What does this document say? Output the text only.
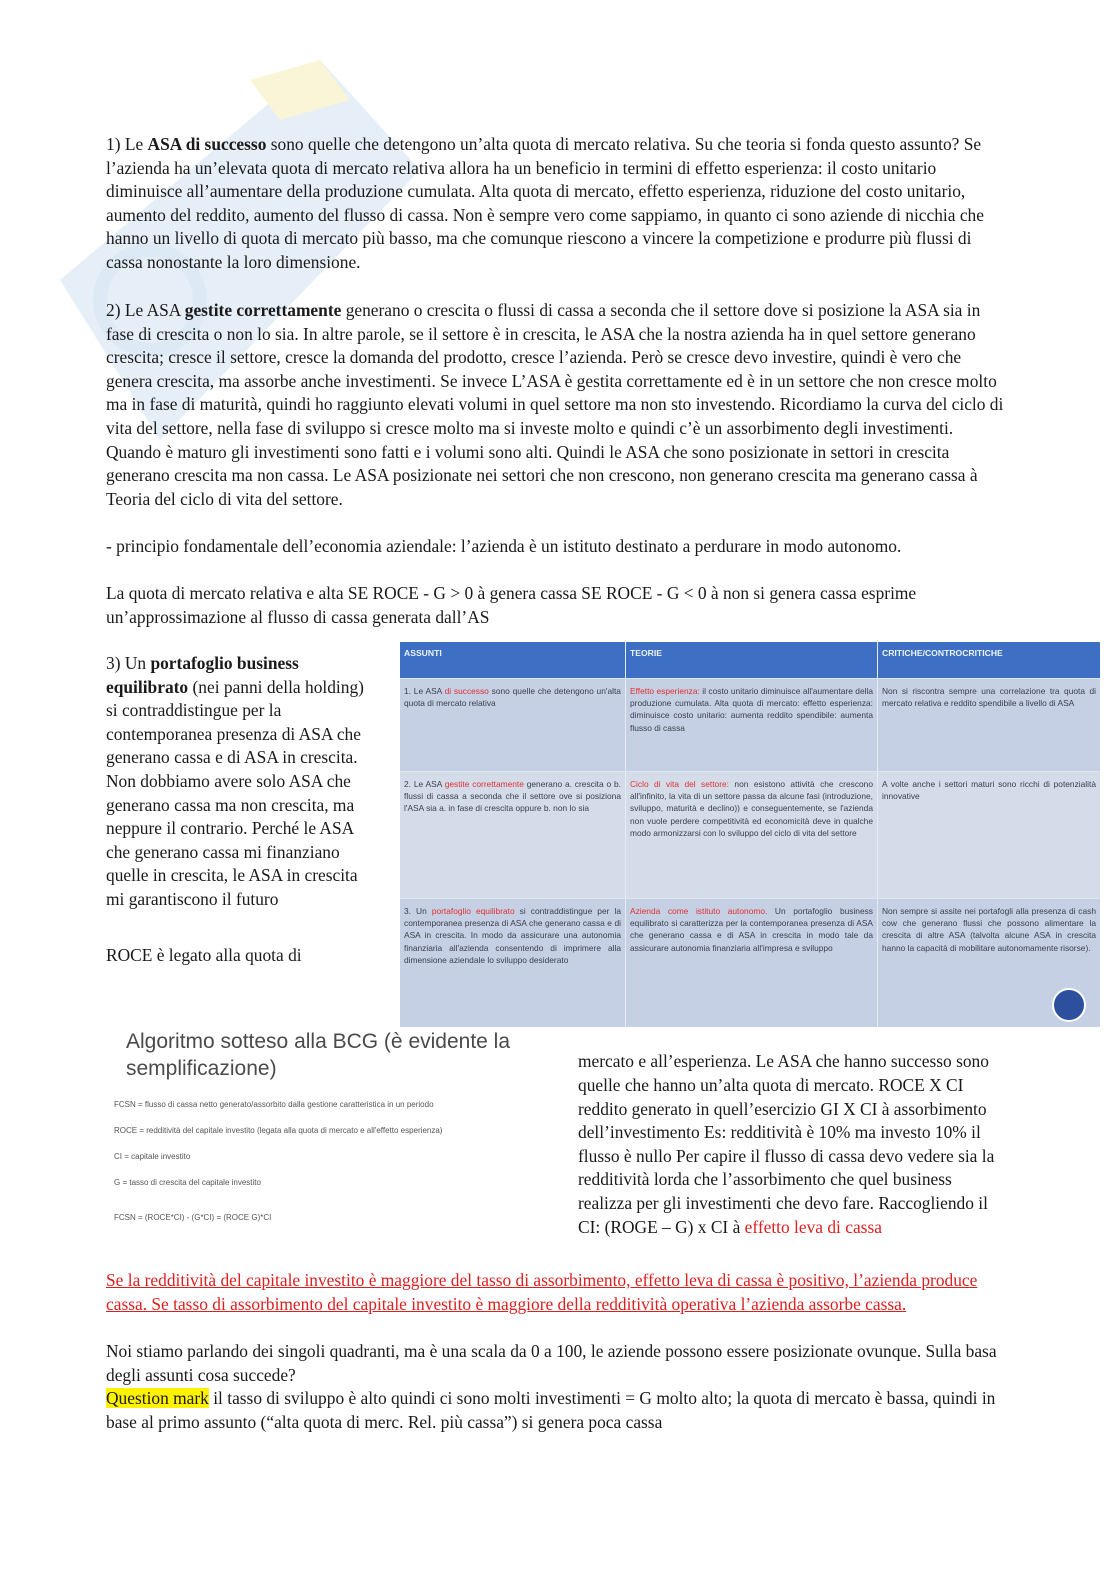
1) Le ASA di successo sono quelle che detengono un’alta quota di mercato relativa. Su che teoria si fonda questo assunto? Se l’azienda ha un’elevata quota di mercato relativa allora ha un beneficio in termini di effetto esperienza: il costo unitario diminuisce all’aumentare della produzione cumulata. Alta quota di mercato, effetto esperienza, riduzione del costo unitario, aumento del reddito, aumento del flusso di cassa. Non è sempre vero come sappiamo, in quanto ci sono aziende di nicchia che hanno un livello di quota di mercato più basso, ma che comunque riescono a vincere la competizione e produrre più flussi di cassa nonostante la loro dimensione.

2) Le ASA gestite correttamente generano o crescita o flussi di cassa a seconda che il settore dove si posizione la ASA sia in fase di crescita o non lo sia. In altre parole, se il settore è in crescita, le ASA che la nostra azienda ha in quel settore generano crescita; cresce il settore, cresce la domanda del prodotto, cresce l’azienda. Però se cresce devo investire, quindi è vero che genera crescita, ma assorbe anche investimenti. Se invece L’ASA è gestita correttamente ed è in un settore che non cresce molto ma in fase di maturità, quindi ho raggiunto elevati volumi in quel settore ma non sto investendo. Ricordiamo la curva del ciclo di vita del settore, nella fase di sviluppo si cresce molto ma si investe molto e quindi c’è un assorbimento degli investimenti. Quando è maturo gli investimenti sono fatti e i volumi sono alti. Quindi le ASA che sono posizionate in settori in crescita generano crescita ma non cassa. Le ASA posizionate nei settori che non crescono, non generano crescita ma generano cassa à Teoria del ciclo di vita del settore.

- principio fondamentale dell’economia aziendale: l’azienda è un istituto destinato a perdurare in modo autonomo.

La quota di mercato relativa e alta SE ROCE - G > 0 à genera cassa SE ROCE - G < 0 à non si genera cassa esprime un’approssimazione al flusso di cassa generata dall’AS

3) Un portafoglio business equilibrato (nei panni della holding) si contraddistingue per la contemporanea presenza di ASA che generano cassa e di ASA in crescita. Non dobbiamo avere solo ASA che generano cassa ma non crescita, ma neppure il contrario. Perché le ASA che generano cassa mi finanziano quelle in crescita, le ASA in crescita mi garantiscono il futuro

ROCE è legato alla quota di

ASSUNTI	TEORIE	CRITICHE/CONTROCRITICHE
1. Le ASA di successo sono quelle che detengono un'alta quota di mercato relativa
Effetto esperienza: il costo unitario diminuisce all'aumentare della produzione cumulata. Alta quota di mercato: effetto esperienza: diminuisce costo unitario: aumenta reddito spendibile: aumenta flusso di cassa
Non si riscontra sempre una correlazione tra quota di mercato relativa e reddito spendibile a livello di ASA
2. Le ASA gestite correttamente generano a. crescita o b. flussi di cassa a seconda che il settore ove si posiziona l'ASA sia a. in fase di crescita oppure b. non lo sia
Ciclo di vita del settore: non esistono attività che crescono all'infinito, la vita di un settore passa da alcune fasi (introduzione, sviluppo, maturità e declino)) e conseguentemente, se l'azienda non vuole perdere competitività ed economicità deve in qualche modo armonizzarsi con lo sviluppo del ciclo di vita del settore
A volte anche i settori maturi sono ricchi di potenzialità innovative
3. Un portafoglio equilibrato si contraddistingue per la contemporanea presenza di ASA che generano cassa e di ASA in crescita. In modo da assicurare una autonomia finanziaria all'azienda consentendo di imprimere alla dimensione aziendale lo sviluppo desiderato
Azienda come istituto autonomo. Un portafoglio business equilibrato si caratterizza per la contemporanea presenza di ASA che generano cassa e di ASA in crescita in modo tale da assicurare autonomia finanziaria all'impresa e sviluppo
Non sempre si assite nei portafogli alla presenza di cash cow che generano flussi che possono alimentare la crescita di altre ASA (talvolta alcune ASA in crescita hanno la capacità di mobilitare autonomamente risorse).

Algoritmo sotteso alla BCG (è evidente la semplificazione)

FCSN = flusso di cassa netto generato/assorbito dalla gestione caratteristica in un periodo

ROCE = redditività del capitale investito (legata alla quota di mercato e all'effetto esperienza)

CI = capitale investito

G = tasso di crescita del capitale investito

FCSN = (ROCE*CI) - (G*CI) = (ROCE G)*CI

mercato e all’esperienza. Le ASA che hanno successo sono quelle che hanno un’alta quota di mercato. ROCE X CI reddito generato in quell’esercizio GI X CI à assorbimento dell’investimento Es: redditività è 10% ma investo 10% il flusso è nullo Per capire il flusso di cassa devo vedere sia la redditività lorda che l’assorbimento che quel business realizza per gli investimenti che devo fare. Raccogliendo il CI: (ROGE – G) x CI à effetto leva di cassa

Se la redditività del capitale investito è maggiore del tasso di assorbimento, effetto leva di cassa è positivo, l’azienda produce cassa. Se tasso di assorbimento del capitale investito è maggiore della redditività operativa l’azienda assorbe cassa.

Noi stiamo parlando dei singoli quadranti, ma è una scala da 0 a 100, le aziende possono essere posizionate ovunque. Sulla basa degli assunti cosa succede?

Question mark il tasso di sviluppo è alto quindi ci sono molti investimenti = G molto alto; la quota di mercato è bassa, quindi in base al primo assunto (“alta quota di merc. Rel. più cassa”) si genera poca cassa
